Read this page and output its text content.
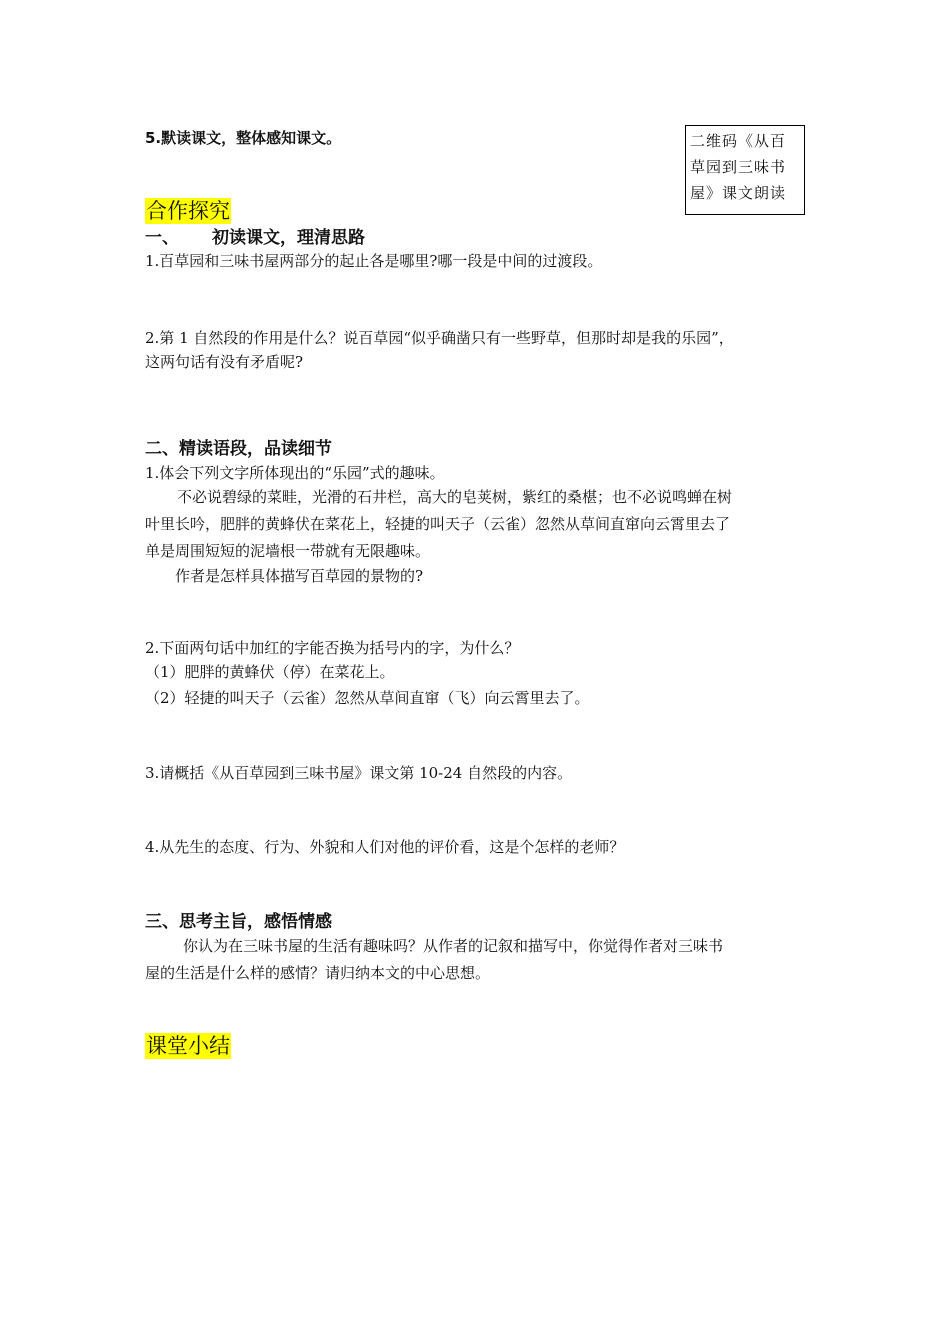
5.默读课文，整体感知课文。	二维码《从百草园到三味书屋》课文朗读
合作探究
一、 初读课文，理清思路
1.百草园和三味书屋两部分的起止各是哪里?哪一段是中间的过渡段。
2.第 1 自然段的作用是什么？说百草园“似乎确凿只有一些野草，但那时却是我的乐园”，
这两句话有没有矛盾呢?
二、精读语段，品读细节
1.体会下列文字所体现出的“乐园”式的趣味。
不必说碧绿的菜畦，光滑的石井栏，高大的皂荚树，紫红的桑椹；也不必说鸣蝉在树
叶里长吟，肥胖的黄蜂伏在菜花上，轻捷的叫天子（云雀）忽然从草间直窜向云霄里去了
单是周围短短的泥墙根一带就有无限趣味。
作者是怎样具体描写百草园的景物的?
2.下面两句话中加红的字能否换为括号内的字，为什么？
（1）肥胖的黄蜂伏（停）在菜花上。
（2）轻捷的叫天子（云雀）忽然从草间直窜（飞）向云霄里去了。
3.请概括《从百草园到三味书屋》课文第 10-24 自然段的内容。
4.从先生的态度、行为、外貌和人们对他的评价看，这是个怎样的老师？
三、思考主旨，感悟情感
你认为在三味书屋的生活有趣味吗？从作者的记叙和描写中，你觉得作者对三味书
屋的生活是什么样的感情？请归纳本文的中心思想。
课堂小结
